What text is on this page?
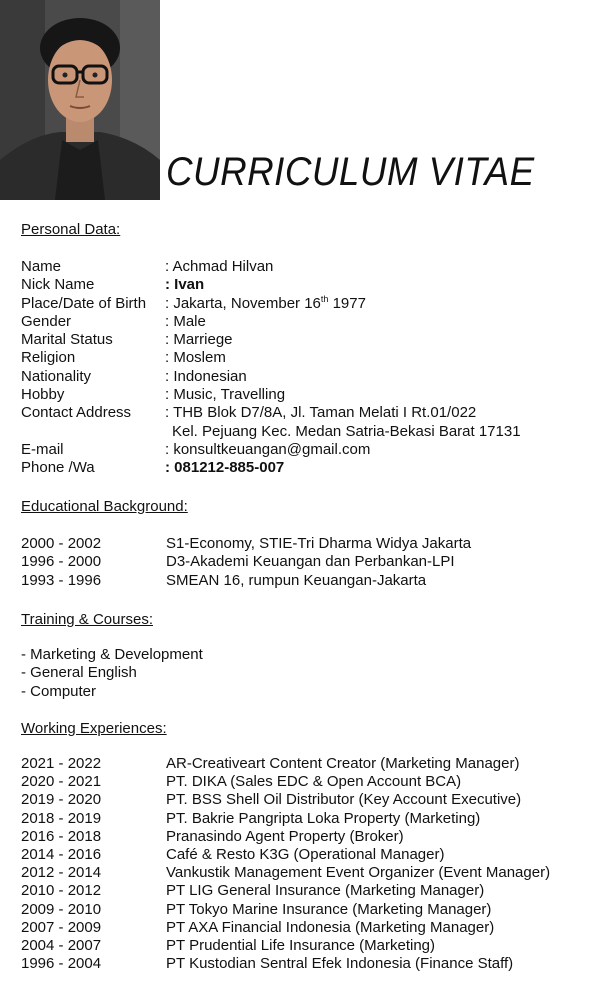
CURRICULUM VITAE
Personal Data:
Name	: Achmad Hilvan
Nick Name	: Ivan
Place/Date of Birth	: Jakarta, November 16th 1977
Gender	: Male
Marital Status	: Marriege
Religion	: Moslem
Nationality	: Indonesian
Hobby	: Music, Travelling
Contact Address	: THB Blok D7/8A, Jl. Taman Melati I Rt.01/022
Kel. Pejuang Kec. Medan Satria-Bekasi Barat 17131
E-mail	: konsultkeuangan@gmail.com
Phone /Wa	: 081212-885-007
Educational Background:
2000 - 2002	S1-Economy, STIE-Tri Dharma Widya Jakarta
1996 - 2000	D3-Akademi Keuangan dan Perbankan-LPI
1993 - 1996	SMEAN 16, rumpun Keuangan-Jakarta
Training & Courses:
- Marketing & Development
- General English
- Computer
Working Experiences:
2021 - 2022	AR-Creativeart Content Creator (Marketing Manager)
2020 - 2021	PT. DIKA (Sales EDC & Open Account BCA)
2019 - 2020	PT. BSS Shell Oil Distributor (Key Account Executive)
2018 - 2019	PT. Bakrie Pangripta Loka Property (Marketing)
2016 - 2018	Pranasindo Agent Property (Broker)
2014 - 2016	Café & Resto K3G (Operational Manager)
2012 - 2014	Vankustik Management Event Organizer (Event Manager)
2010 - 2012	PT LIG General Insurance (Marketing Manager)
2009 - 2010	PT Tokyo Marine Insurance (Marketing Manager)
2007 - 2009	PT AXA Financial Indonesia (Marketing Manager)
2004 - 2007	PT Prudential Life Insurance (Marketing)
1996 - 2004	PT Kustodian Sentral Efek Indonesia (Finance Staff)
